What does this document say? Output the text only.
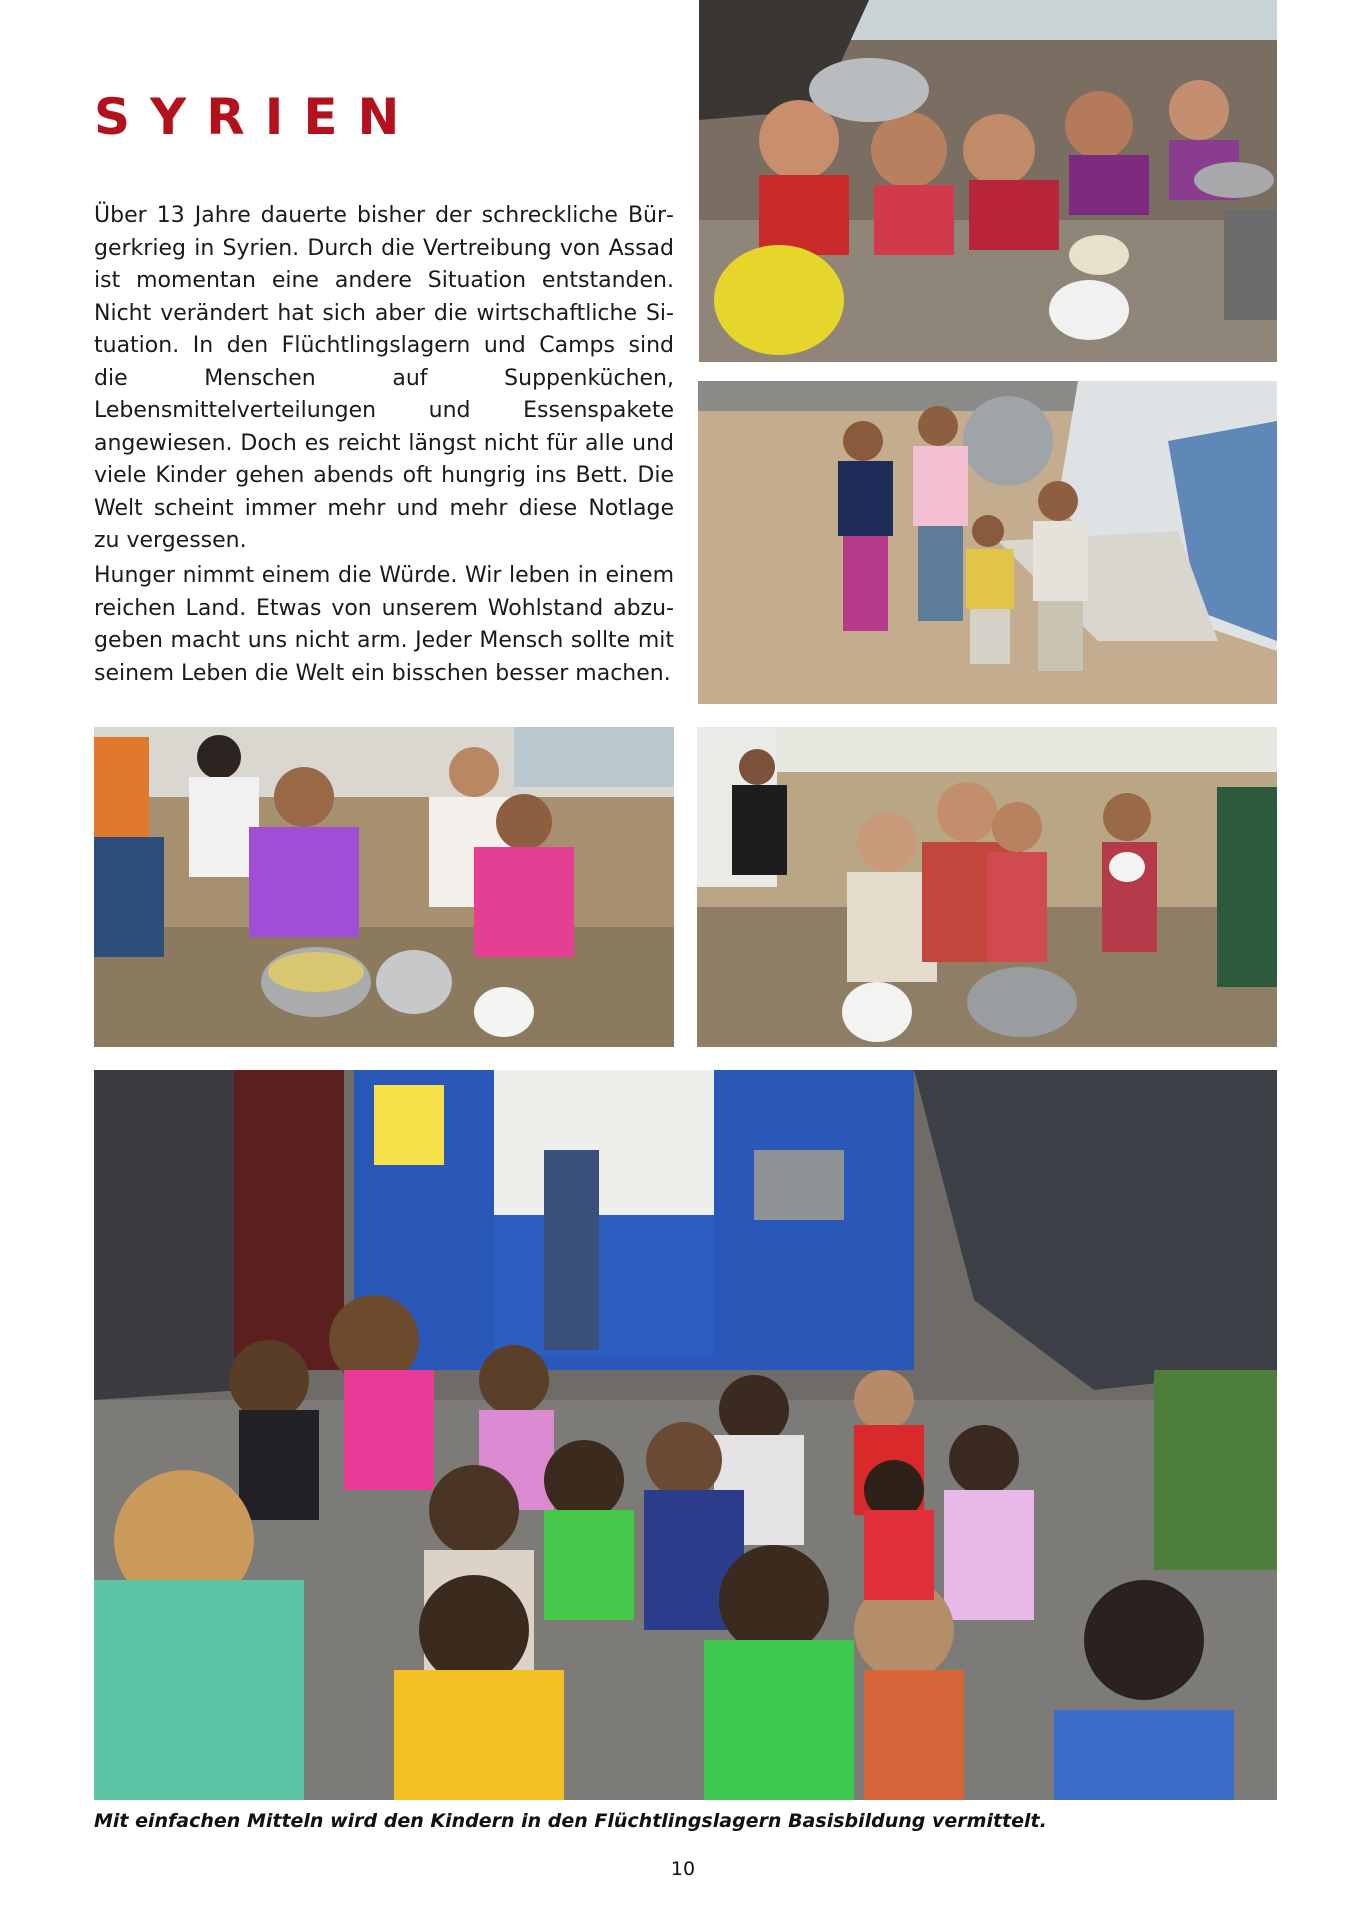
SYRIEN

Über 13 Jahre dauerte bisher der schreckliche Bürgerkrieg in Syrien. Durch die Vertreibung von Assad ist momentan eine andere Situation entstanden. Nicht verändert hat sich aber die wirtschaftliche Situation. In den Flüchtlingslagern und Camps sind die Menschen auf Suppenküchen, Lebensmittelverteilungen und Essenspakete angewiesen. Doch es reicht längst nicht für alle und viele Kinder gehen abends oft hungrig ins Bett. Die Welt scheint immer mehr und mehr diese Notlage zu vergessen.

Hunger nimmt einem die Würde. Wir leben in einem reichen Land. Etwas von unserem Wohlstand abzugeben macht uns nicht arm. Jeder Mensch sollte mit seinem Leben die Welt ein bisschen besser machen.

Mit einfachen Mitteln wird den Kindern in den Flüchtlingslagern Basisbildung vermittelt.
10
